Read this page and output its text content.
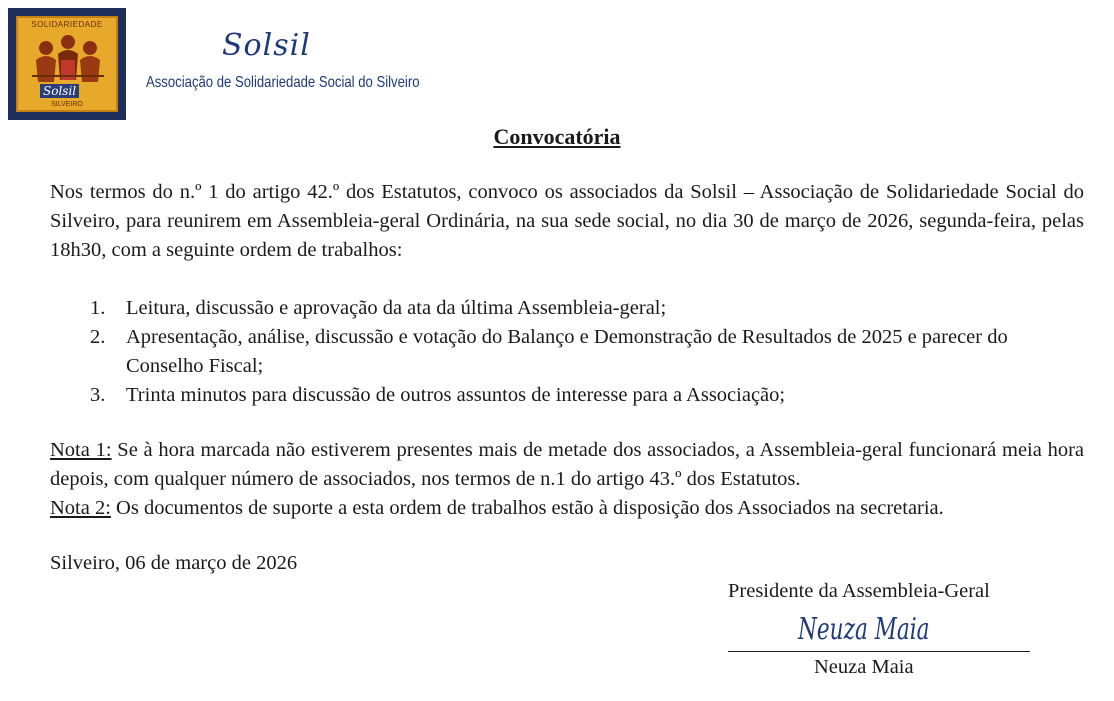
SOLIDARIEDADE
Solsil
SILVEIRO
Solsil
Associação de Solidariedade Social do Silveiro
Convocatória
Nos termos do n.º 1 do artigo 42.º dos Estatutos, convoco os associados da Solsil – Associação de Solidariedade Social do Silveiro, para reunirem em Assembleia-geral Ordinária, na sua sede social, no dia 30 de março de 2026, segunda-feira, pelas 18h30, com a seguinte ordem de trabalhos:
1. Leitura, discussão e aprovação da ata da última Assembleia-geral;
2. Apresentação, análise, discussão e votação do Balanço e Demonstração de Resultados de 2025 e parecer do Conselho Fiscal;
3. Trinta minutos para discussão de outros assuntos de interesse para a Associação;
Nota 1: Se à hora marcada não estiverem presentes mais de metade dos associados, a Assembleia-geral funcionará meia hora depois, com qualquer número de associados, nos termos de n.1 do artigo 43.º dos Estatutos.
Nota 2: Os documentos de suporte a esta ordem de trabalhos estão à disposição dos Associados na secretaria.
Silveiro, 06 de março de 2026
Presidente da Assembleia-Geral
Neuza Maia
Neuza Maia
